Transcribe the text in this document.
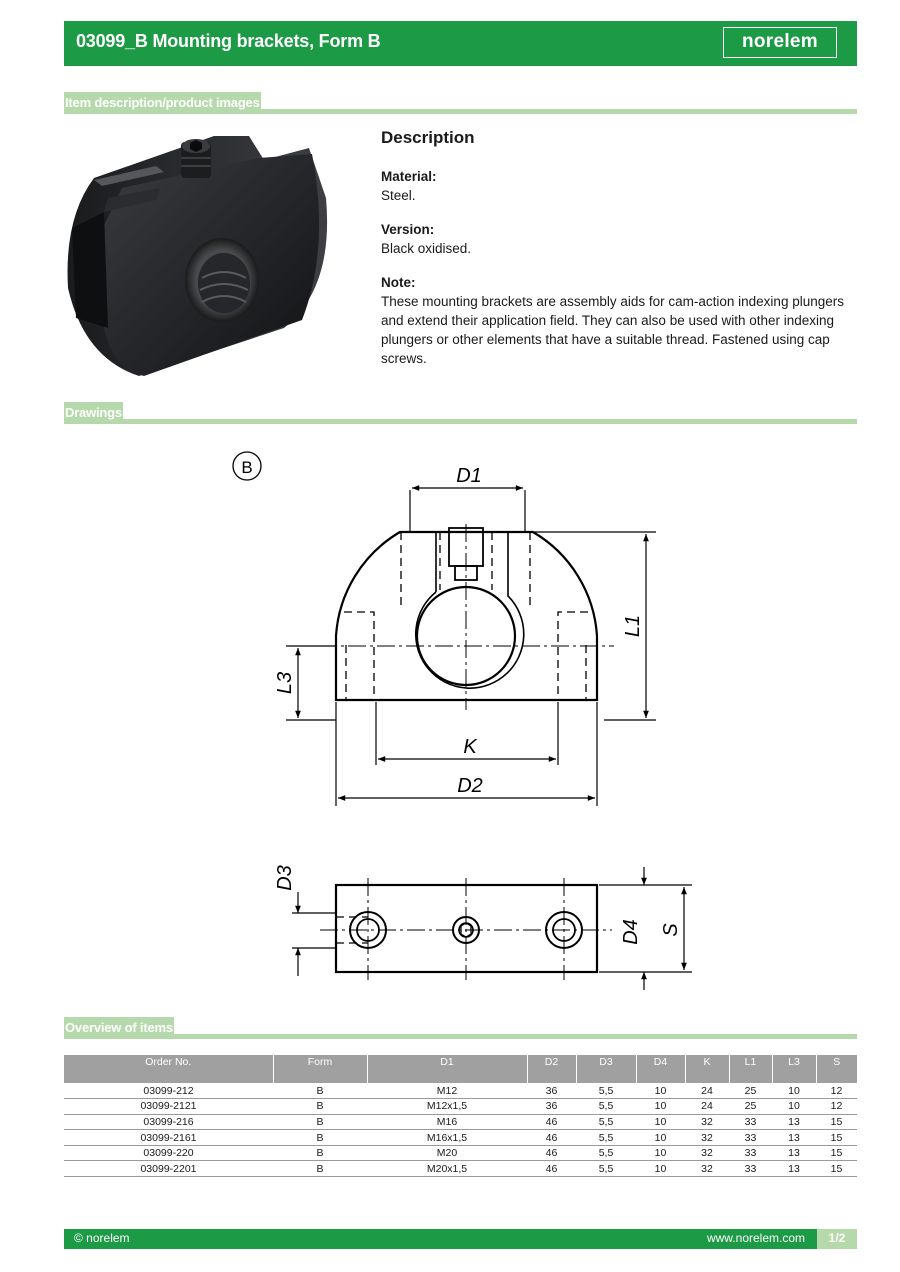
03099_B Mounting brackets, Form B	norelem
Item description/product images
Description
Material:
Steel.
Version:
Black oxidised.
Note:
These mounting brackets are assembly aids for cam-action indexing plungers and extend their application field. They can also be used with other indexing plungers or other elements that have a suitable thread. Fastened using cap screws.
Drawings
B	D1
L1
L3
K
D2
D3
D4 S
Overview of items
Order No.	Form	D1	D2	D3	D4	K	L1	L3	S
03099-212	B	M12	36	5,5	10	24	25	10	12
03099-2121	B	M12x1,5	36	5,5	10	24	25	10	12
03099-216	B	M16	46	5,5	10	32	33	13	15
03099-2161	B	M16x1,5	46	5,5	10	32	33	13	15
03099-220	B	M20	46	5,5	10	32	33	13	15
03099-2201	B	M20x1,5	46	5,5	10	32	33	13	15
© norelem	www.norelem.com	1/2
